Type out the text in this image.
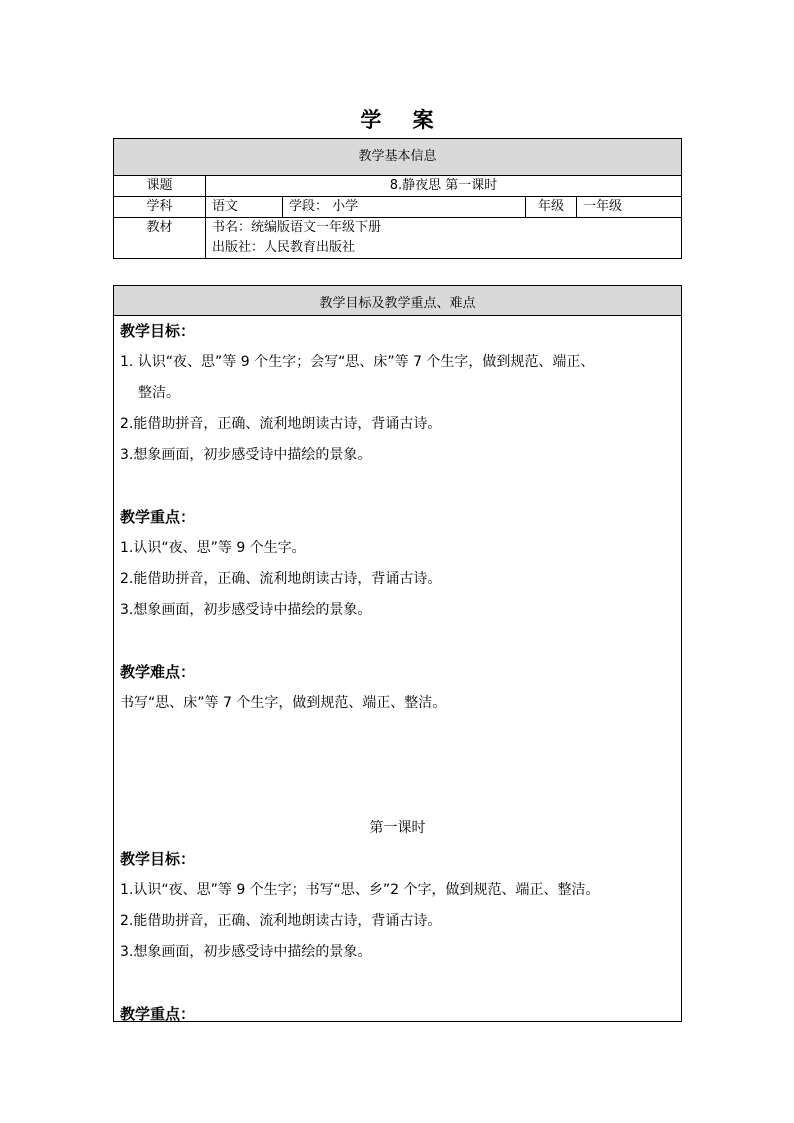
学 案
教学基本信息				
课题	8.静夜思 第一课时			
学科	语文	学段： 小学	年级	一年级
教材	书名：统编版语文一年级下册
出版社：人民教育出版社			
教学目标及教学重点、难点
教学目标：
1. 认识“夜、思”等 9 个生字；会写“思、床”等 7 个生字，做到规范、端正、
整洁。
2.能借助拼音，正确、流利地朗读古诗，背诵古诗。
3.想象画面，初步感受诗中描绘的景象。
教学重点：
1.认识“夜、思”等 9 个生字。
2.能借助拼音，正确、流利地朗读古诗，背诵古诗。
3.想象画面，初步感受诗中描绘的景象。
教学难点：
书写“思、床”等 7 个生字，做到规范、端正、整洁。
第一课时
教学目标：
1.认识“夜、思”等 9 个生字；书写“思、乡”2 个字，做到规范、端正、整洁。
2.能借助拼音，正确、流利地朗读古诗，背诵古诗。
3.想象画面，初步感受诗中描绘的景象。
教学重点：
